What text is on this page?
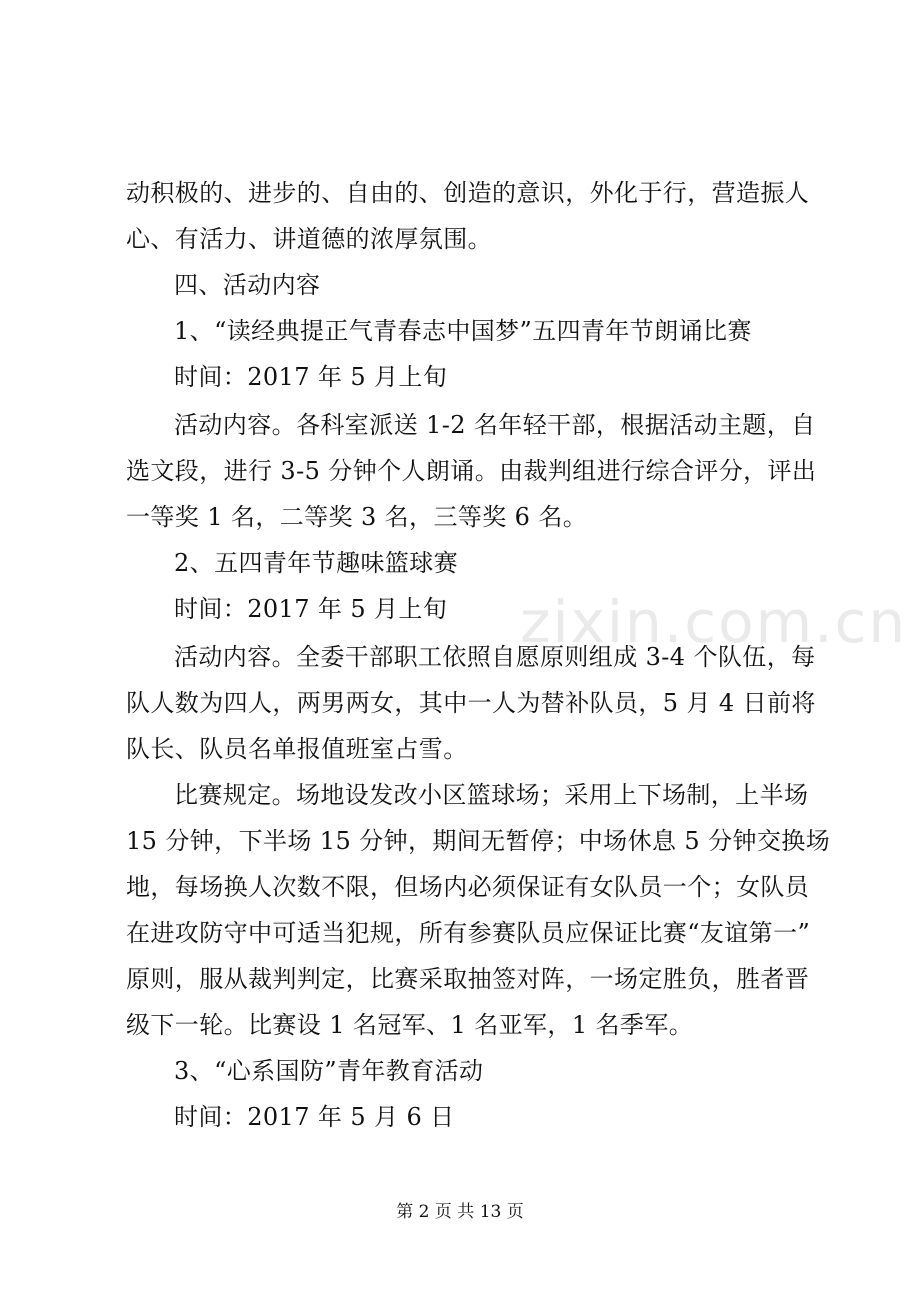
zixin.com.cn
动积极的、进步的、自由的、创造的意识，外化于行，营造振人
心、有活力、讲道德的浓厚氛围。
四、活动内容
1、“读经典提正气青春志中国梦”五四青年节朗诵比赛
时间：2017 年 5 月上旬
活动内容。各科室派送 1-2 名年轻干部，根据活动主题，自
选文段，进行 3-5 分钟个人朗诵。由裁判组进行综合评分，评出
一等奖 1 名，二等奖 3 名，三等奖 6 名。
2、五四青年节趣味篮球赛
时间：2017 年 5 月上旬
活动内容。全委干部职工依照自愿原则组成 3-4 个队伍，每
队人数为四人，两男两女，其中一人为替补队员，5 月 4 日前将
队长、队员名单报值班室占雪。
比赛规定。场地设发改小区篮球场；采用上下场制，上半场
15 分钟，下半场 15 分钟，期间无暂停；中场休息 5 分钟交换场
地，每场换人次数不限，但场内必须保证有女队员一个；女队员
在进攻防守中可适当犯规，所有参赛队员应保证比赛“友谊第一”
原则，服从裁判判定，比赛采取抽签对阵，一场定胜负，胜者晋
级下一轮。比赛设 1 名冠军、1 名亚军，1 名季军。
3、“心系国防”青年教育活动
时间：2017 年 5 月 6 日
第 2 页 共 13 页
